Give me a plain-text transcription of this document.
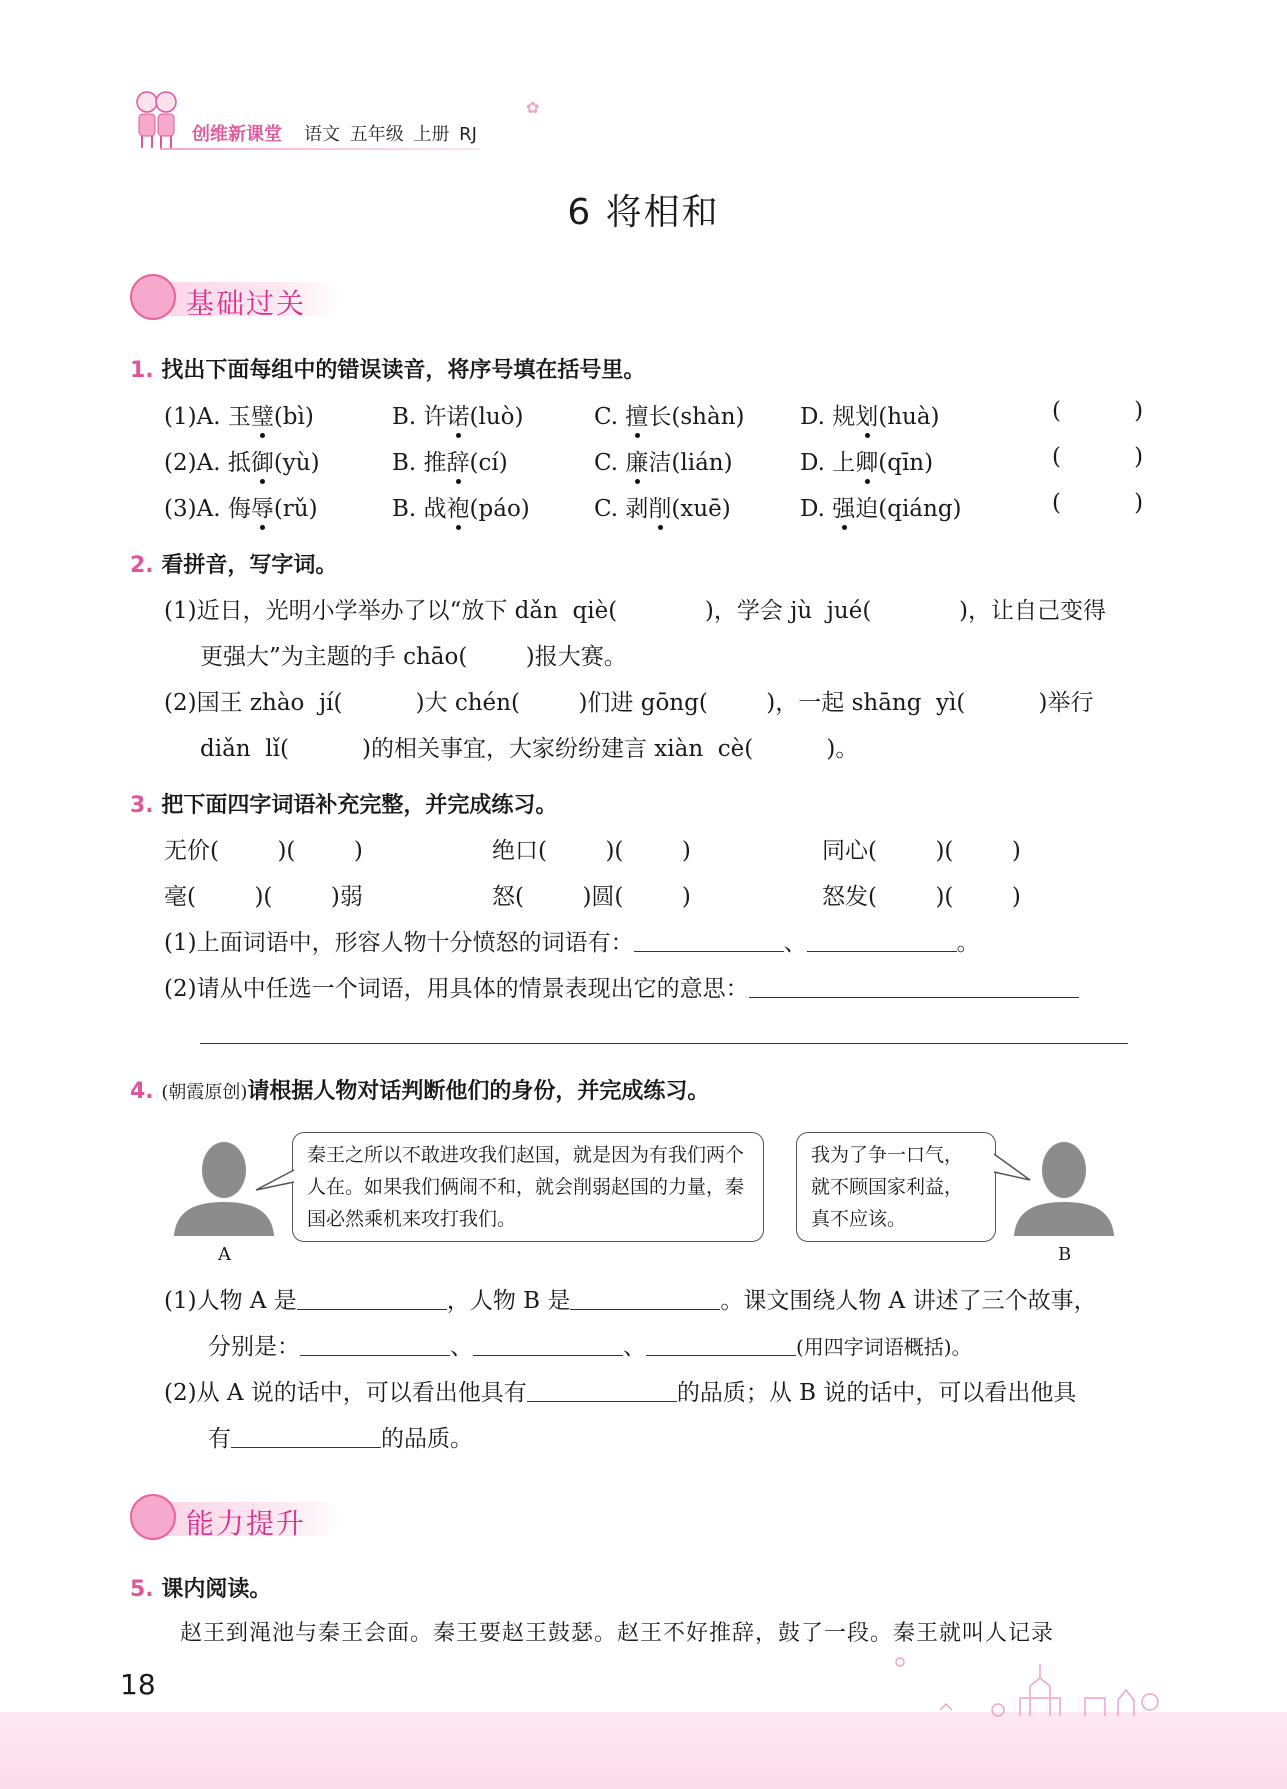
创维新课堂 语文 五年级 上册 RJ
✿
6 将相和
基础过关
1. 找出下面每组中的错误读音，将序号填在括号里。
(1)A. 玉璧(bì)	B. 许诺(luò)	C. 擅长(shàn) D. 规划(huà)	(          )
(2)A. 抵御(yù)	B. 推辞(cí)	C. 廉洁(lián)	D. 上卿(qīn)	(          )
(3)A. 侮辱(rǔ)	B. 战袍(páo)	C. 剥削(xuē)	D. 强迫(qiáng)	(          )
2. 看拼音，写字词。
(1)近日，光明小学举办了以“放下 dǎn  qiè(            )，学会 jù  jué(            )，让自己变得
更强大”为主题的手 chāo(        )报大赛。
(2)国王 zhào  jí(          )大 chén(        )们进 gōng(        )，一起 shāng  yì(          )举行
diǎn  lǐ(          )的相关事宜，大家纷纷建言 xiàn  cè(          )。
3. 把下面四字词语补充完整，并完成练习。
无价(        )(        )	绝口(        )(        )	同心(        )(        )
毫(        )(        )弱	怒(        )圆(        )	怒发(        )(        )
(1)上面词语中，形容人物十分愤怒的词语有：	、	。
(2)请从中任选一个词语，用具体的情景表现出它的意思：
4. (朝霞原创)请根据人物对话判断他们的身份，并完成练习。
A
秦王之所以不敢进攻我们赵国，就是因为有我们两个人在。如果我们俩闹不和，就会削弱赵国的力量，秦国必然乘机来攻打我们。
我为了争一口气，就不顾国家利益，真不应该。
B
(1)人物 A 是	，人物 B 是	。课文围绕人物 A 讲述了三个故事，
分别是：	、	、	(用四字词语概括)。
(2)从 A 说的话中，可以看出他具有	的品质；从 B 说的话中，可以看出他具
有	的品质。
能力提升
5. 课内阅读。
赵王到渑池与秦王会面。秦王要赵王鼓瑟。赵王不好推辞，鼓了一段。秦王就叫人记录
18
